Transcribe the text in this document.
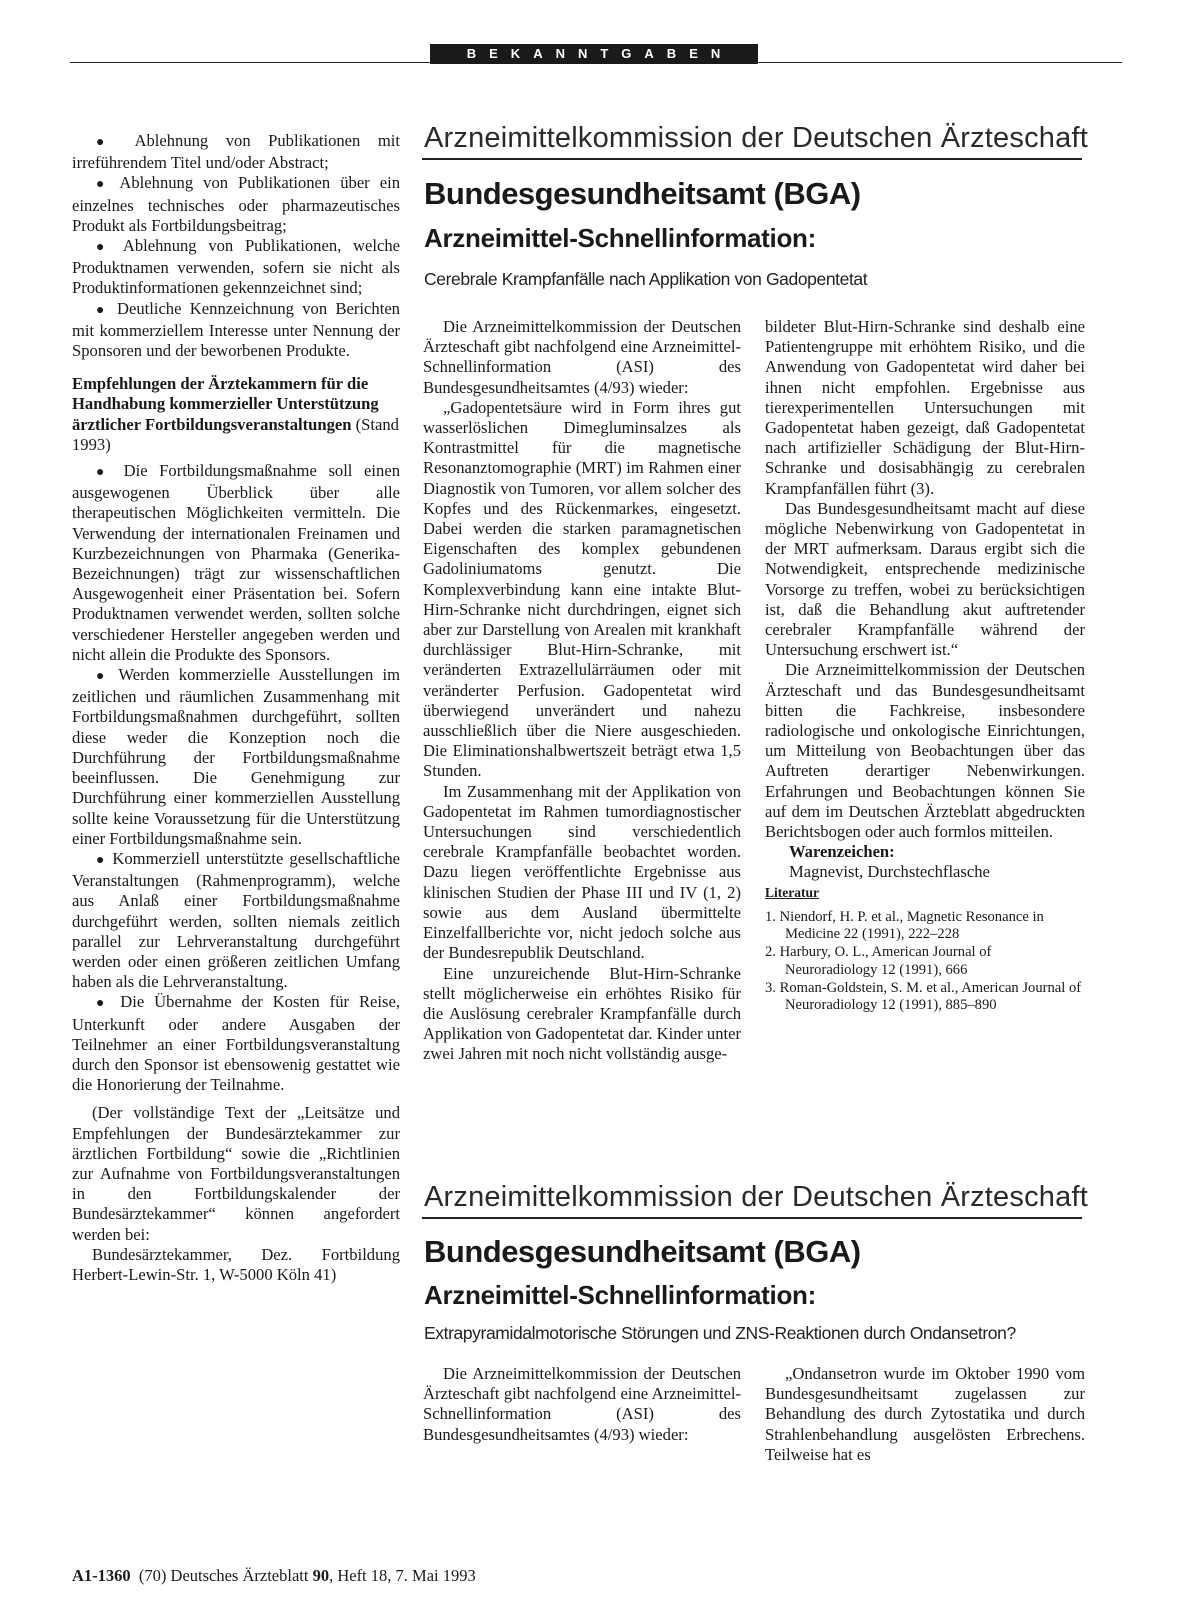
BEKANNTGABEN

● Ablehnung von Publikationen mit irreführendem Titel und/oder Abstract;

● Ablehnung von Publikationen über ein einzelnes technisches oder pharmazeutisches Produkt als Fortbildungsbeitrag;

● Ablehnung von Publikationen, welche Produktnamen verwenden, sofern sie nicht als Produktinformationen gekennzeichnet sind;

● Deutliche Kennzeichnung von Berichten mit kommerziellem Interesse unter Nennung der Sponsoren und der beworbenen Produkte.

Empfehlungen der Ärztekammern für die Handhabung kommerzieller Unterstützung ärztlicher Fortbildungsveranstaltungen (Stand 1993)

● Die Fortbildungsmaßnahme soll einen ausgewogenen Überblick über alle therapeutischen Möglichkeiten vermitteln. Die Verwendung der internationalen Freinamen und Kurzbezeichnungen von Pharmaka (Generika-Bezeichnungen) trägt zur wissenschaftlichen Ausgewogenheit einer Präsentation bei. Sofern Produktnamen verwendet werden, sollten solche verschiedener Hersteller angegeben werden und nicht allein die Produkte des Sponsors.

● Werden kommerzielle Ausstellungen im zeitlichen und räumlichen Zusammenhang mit Fortbildungsmaßnahmen durchgeführt, sollten diese weder die Konzeption noch die Durchführung der Fortbildungsmaßnahme beeinflussen. Die Genehmigung zur Durchführung einer kommerziellen Ausstellung sollte keine Voraussetzung für die Unterstützung einer Fortbildungsmaßnahme sein.

● Kommerziell unterstützte gesellschaftliche Veranstaltungen (Rahmenprogramm), welche aus Anlaß einer Fortbildungsmaßnahme durchgeführt werden, sollten niemals zeitlich parallel zur Lehrveranstaltung durchgeführt werden oder einen größeren zeitlichen Umfang haben als die Lehrveranstaltung.

● Die Übernahme der Kosten für Reise, Unterkunft oder andere Ausgaben der Teilnehmer an einer Fortbildungsveranstaltung durch den Sponsor ist ebensowenig gestattet wie die Honorierung der Teilnahme.

(Der vollständige Text der „Leitsätze und Empfehlungen der Bundesärztekammer zur ärztlichen Fortbildung“ sowie die „Richtlinien zur Aufnahme von Fortbildungsveranstaltungen in den Fortbildungskalender der Bundesärztekammer“ können angefordert werden bei:

Bundesärztekammer, Dez. Fortbildung Herbert-Lewin-Str. 1, W-5000 Köln 41)

Arzneimittelkommission der Deutschen Ärzteschaft
Bundesgesundheitsamt (BGA)
Arzneimittel-Schnellinformation:
Cerebrale Krampfanfälle nach Applikation von Gadopentetat

Die Arzneimittelkommission der Deutschen Ärzteschaft gibt nachfolgend eine Arzneimittel-Schnellinformation (ASI) des Bundesgesundheitsamtes (4/93) wieder:

„Gadopentetsäure wird in Form ihres gut wasserlöslichen Dimegluminsalzes als Kontrastmittel für die magnetische Resonanztomographie (MRT) im Rahmen einer Diagnostik von Tumoren, vor allem solcher des Kopfes und des Rückenmarkes, eingesetzt. Dabei werden die starken paramagnetischen Eigenschaften des komplex gebundenen Gadoliniumatoms genutzt. Die Komplexverbindung kann eine intakte Blut-Hirn-Schranke nicht durchdringen, eignet sich aber zur Darstellung von Arealen mit krankhaft durchlässiger Blut-Hirn-Schranke, mit veränderten Extrazellulärräumen oder mit veränderter Perfusion. Gadopentetat wird überwiegend unverändert und nahezu ausschließlich über die Niere ausgeschieden. Die Eliminationshalbwertszeit beträgt etwa 1,5 Stunden.

Im Zusammenhang mit der Applikation von Gadopentetat im Rahmen tumordiagnostischer Untersuchungen sind verschiedentlich cerebrale Krampfanfälle beobachtet worden. Dazu liegen veröffentlichte Ergebnisse aus klinischen Studien der Phase III und IV (1, 2) sowie aus dem Ausland übermittelte Einzelfallberichte vor, nicht jedoch solche aus der Bundesrepublik Deutschland.

Eine unzureichende Blut-Hirn-Schranke stellt möglicherweise ein erhöhtes Risiko für die Auslösung cerebraler Krampfanfälle durch Applikation von Gadopentetat dar. Kinder unter zwei Jahren mit noch nicht vollständig ausge-

bildeter Blut-Hirn-Schranke sind deshalb eine Patientengruppe mit erhöhtem Risiko, und die Anwendung von Gadopentetat wird daher bei ihnen nicht empfohlen. Ergebnisse aus tierexperimentellen Untersuchungen mit Gadopentetat haben gezeigt, daß Gadopentetat nach artifizieller Schädigung der Blut-Hirn-Schranke und dosisabhängig zu cerebralen Krampfanfällen führt (3).

Das Bundesgesundheitsamt macht auf diese mögliche Nebenwirkung von Gadopentetat in der MRT aufmerksam. Daraus ergibt sich die Notwendigkeit, entsprechende medizinische Vorsorge zu treffen, wobei zu berücksichtigen ist, daß die Behandlung akut auftretender cerebraler Krampfanfälle während der Untersuchung erschwert ist.“

Die Arzneimittelkommission der Deutschen Ärzteschaft und das Bundesgesundheitsamt bitten die Fachkreise, insbesondere radiologische und onkologische Einrichtungen, um Mitteilung von Beobachtungen über das Auftreten derartiger Nebenwirkungen. Erfahrungen und Beobachtungen können Sie auf dem im Deutschen Ärzteblatt abgedruckten Berichtsbogen oder auch formlos mitteilen.

Warenzeichen:

Magnevist, Durchstechflasche

Literatur

1. Niendorf, H. P. et al., Magnetic Resonance in Medicine 22 (1991), 222–228
2. Harbury, O. L., American Journal of Neuroradiology 12 (1991), 666
3. Roman-Goldstein, S. M. et al., American Journal of Neuroradiology 12 (1991), 885–890
Arzneimittelkommission der Deutschen Ärzteschaft
Bundesgesundheitsamt (BGA)
Arzneimittel-Schnellinformation:
Extrapyramidalmotorische Störungen und ZNS-Reaktionen durch Ondansetron?

Die Arzneimittelkommission der Deutschen Ärzteschaft gibt nachfolgend eine Arzneimittel-Schnellinformation (ASI) des Bundesgesundheitsamtes (4/93) wieder:

„Ondansetron wurde im Oktober 1990 vom Bundesgesundheitsamt zugelassen zur Behandlung des durch Zytostatika und durch Strahlenbehandlung ausgelösten Erbrechens. Teilweise hat es

A1-1360 (70) Deutsches Ärzteblatt 90, Heft 18, 7. Mai 1993
